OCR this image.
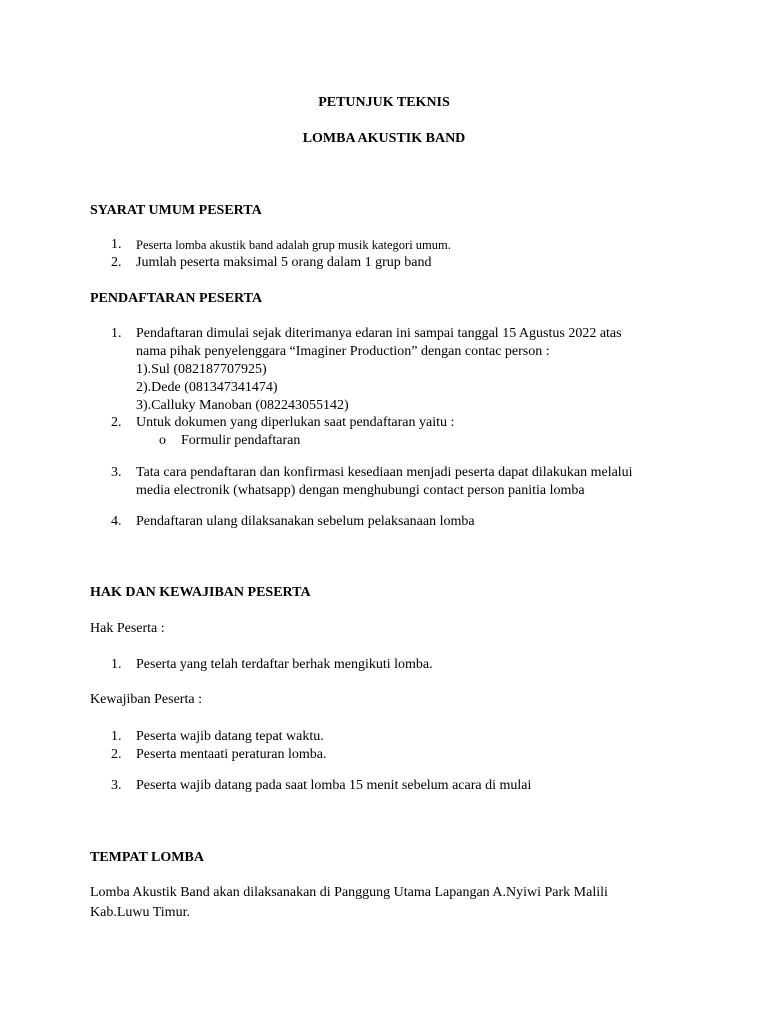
PETUNJUK TEKNIS
LOMBA AKUSTIK BAND
SYARAT UMUM PESERTA
1.	Peserta lomba akustik band adalah grup musik kategori umum.
2.	Jumlah peserta maksimal 5 orang dalam 1 grup band
PENDAFTARAN PESERTA
1.	Pendaftaran dimulai sejak diterimanya edaran ini sampai tanggal 15 Agustus 2022 atas
nama pihak penyelenggara “Imaginer Production” dengan contac person :
1).Sul (082187707925)
2).Dede (081347341474)
3).Calluky Manoban (082243055142)
2.	Untuk dokumen yang diperlukan saat pendaftaran yaitu :
o Formulir pendaftaran
3.	Tata cara pendaftaran dan konfirmasi kesediaan menjadi peserta dapat dilakukan melalui
media electronik (whatsapp) dengan menghubungi contact person panitia lomba
4.	Pendaftaran ulang dilaksanakan sebelum pelaksanaan lomba
HAK DAN KEWAJIBAN PESERTA
Hak Peserta :
1.	Peserta yang telah terdaftar berhak mengikuti lomba.
Kewajiban Peserta :
1.	Peserta wajib datang tepat waktu.
2.	Peserta mentaati peraturan lomba.
3.	Peserta wajib datang pada saat lomba 15 menit sebelum acara di mulai
TEMPAT LOMBA
Lomba Akustik Band akan dilaksanakan di Panggung Utama Lapangan A.Nyiwi Park Malili
Kab.Luwu Timur.
